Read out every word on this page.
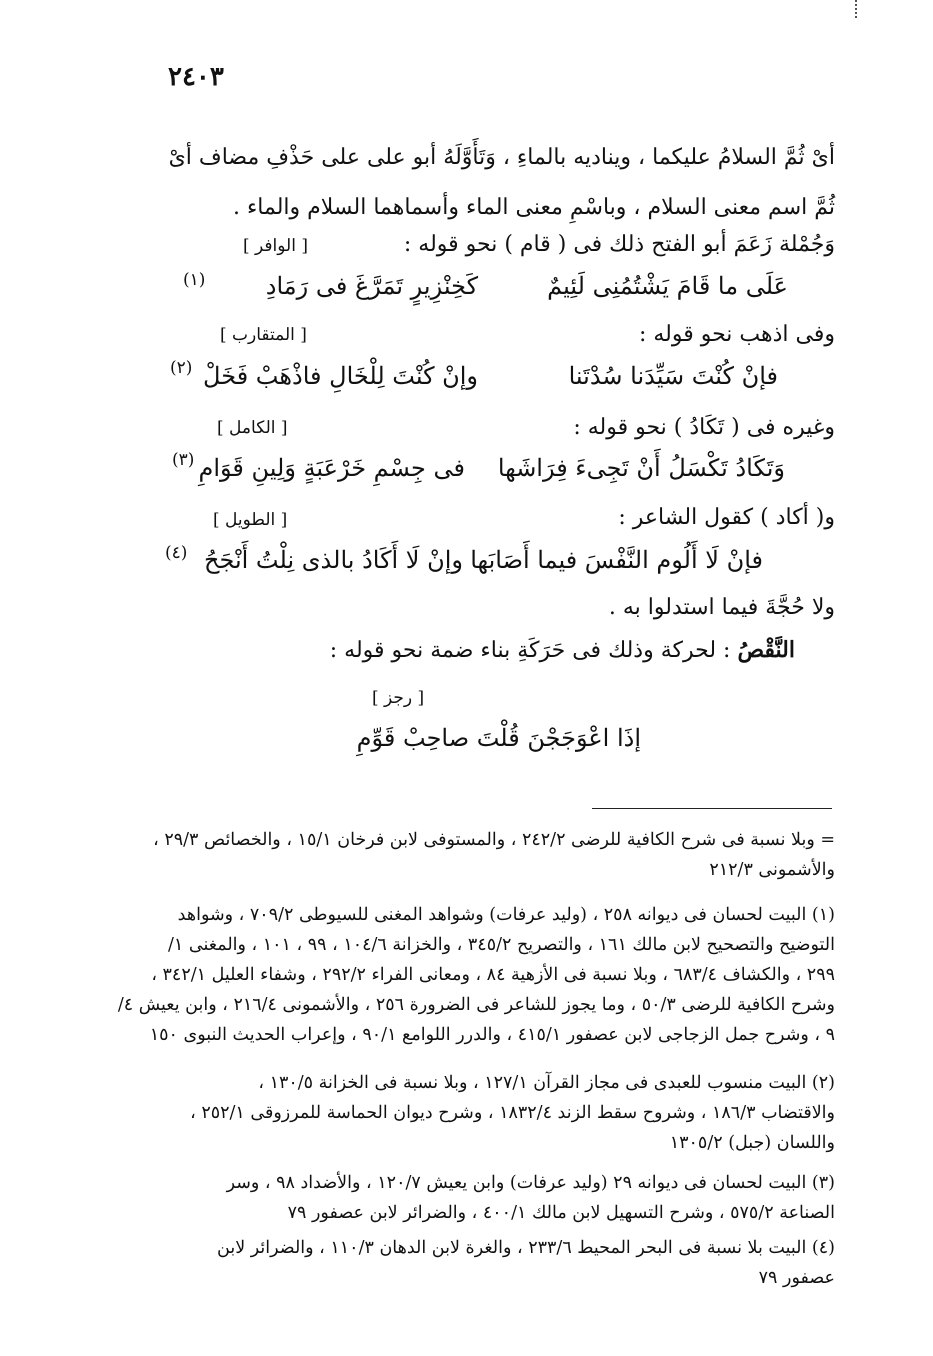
٢٤٠٣
أىْ ثُمَّ السلامُ عليكما ، ويناديه بالماءِ ، وَتَأَوَّلَهُ أبو على على حَذْفِ مضاف أىْ
ثُمَّ اسم معنى السلام ، وباسْمِ معنى الماء وأسماهما السلام والماء .
وَجُمْلة زَعَمَ أبو الفتح ذلك فى ( قام ) نحو قوله :
[ الوافر ]
عَلَى ما قَامَ يَشْتُمُنِى لَئِيمٌ
كَخِنْزِيرٍ تَمَرَّغَ فى رَمَادِ
(١)
وفى اذهب نحو قوله :
[ المتقارب ]
فإنْ كُنْتَ سَيِّدَنا سُدْتَنا
وإنْ كُنْتَ لِلْخَالِ فاذْهَبْ فَخَلْ
(٢)
وغيره فى ( تَكَادُ ) نحو قوله :
[ الكامل ]
وَتَكَادُ تَكْسَلُ أَنْ تَجِىءَ فِرَاشَها
فى جِسْمِ خَرْعَبَةٍ وَلِينِ قَوَامِ
(٣)
و( أكاد ) كقول الشاعر :
[ الطويل ]
فإنْ لَا أَلُوم النَّفْسَ فيما أَصَابَها
وإنْ لَا أَكَادُ بالذى نِلْتُ أَنْجَحُ
(٤)
ولا حُجَّةَ فيما استدلوا به .
النَّقْصُ : لحركة وذلك فى حَرَكَةِ بناء ضمة نحو قوله :
[ رجز ]
إذَا اعْوَجَجْنَ قُلْتَ صاحِبْ قَوِّمِ
= وبلا نسبة فى شرح الكافية للرضى ٢٤٢/٢ ، والمستوفى لابن فرخان ١٥/١ ، والخصائص ٢٩/٣ ،
والأشمونى ٢١٢/٣
(١) البيت لحسان فى ديوانه ٢٥٨ ، (وليد عرفات) وشواهد المغنى للسيوطى ٧٠٩/٢ ، وشواهد
التوضيح والتصحيح لابن مالك ١٦١ ، والتصريح ٣٤٥/٢ ، والخزانة ١٠٤/٦ ، ٩٩ ، ١٠١ ، والمغنى ١/
٢٩٩ ، والكشاف ٦٨٣/٤ ، وبلا نسبة فى الأزهية ٨٤ ، ومعانى الفراء ٢٩٢/٢ ، وشفاء العليل ٣٤٢/١ ،
وشرح الكافية للرضى ٥٠/٣ ، وما يجوز للشاعر فى الضرورة ٢٥٦ ، والأشمونى ٢١٦/٤ ، وابن يعيش ٤/
٩ ، وشرح جمل الزجاجى لابن عصفور ٤١٥/١ ، والدرر اللوامع ٩٠/١ ، وإعراب الحديث النبوى ١٥٠
(٢) البيت منسوب للعبدى فى مجاز القرآن ١٢٧/١ ، وبلا نسبة فى الخزانة ١٣٠/٥ ،
والاقتضاب ١٨٦/٣ ، وشروح سقط الزند ١٨٣٢/٤ ، وشرح ديوان الحماسة للمرزوقى ٢٥٢/١ ،
واللسان (جبل) ١٣٠٥/٢
(٣) البيت لحسان فى ديوانه ٢٩ (وليد عرفات) وابن يعيش ١٢٠/٧ ، والأضداد ٩٨ ، وسر
الصناعة ٥٧٥/٢ ، وشرح التسهيل لابن مالك ٤٠٠/١ ، والضرائر لابن عصفور ٧٩
(٤) البيت بلا نسبة فى البحر المحيط ٢٣٣/٦ ، والغرة لابن الدهان ١١٠/٣ ، والضرائر لابن
عصفور ٧٩
